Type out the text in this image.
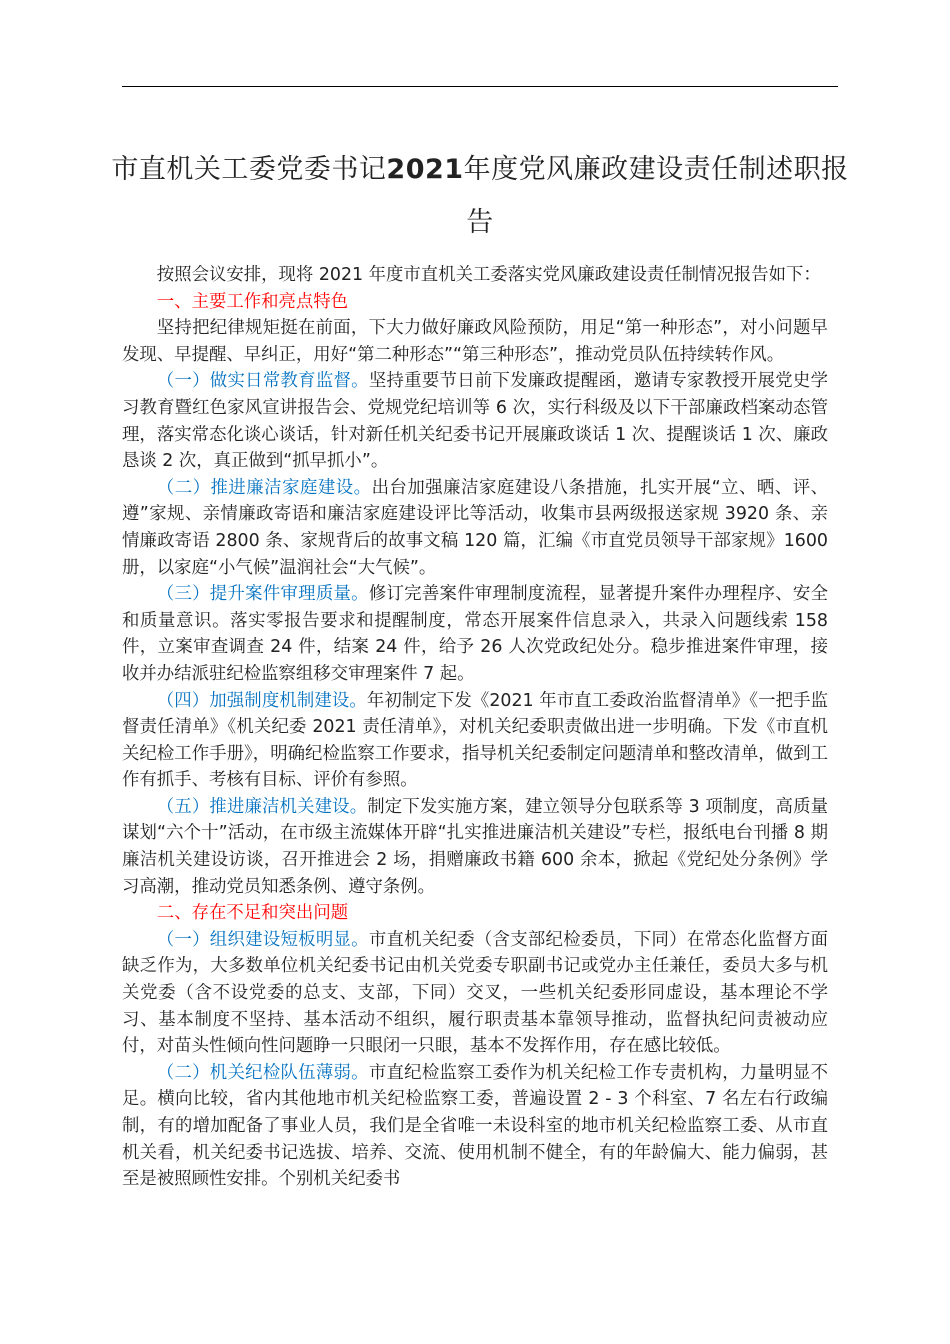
市直机关工委党委书记2021年度党风廉政建设责任制述职报告

按照会议安排，现将 2021 年度市直机关工委落实党风廉政建设责任制情况报告如下：

一、主要工作和亮点特色

坚持把纪律规矩挺在前面，下大力做好廉政风险预防，用足“第一种形态”，对小问题早发现、早提醒、早纠正，用好“第二种形态”“第三种形态”，推动党员队伍持续转作风。

（一）做实日常教育监督。坚持重要节日前下发廉政提醒函，邀请专家教授开展党史学习教育暨红色家风宣讲报告会、党规党纪培训等 6 次，实行科级及以下干部廉政档案动态管理，落实常态化谈心谈话，针对新任机关纪委书记开展廉政谈话 1 次、提醒谈话 1 次、廉政恳谈 2 次，真正做到“抓早抓小”。

（二）推进廉洁家庭建设。出台加强廉洁家庭建设八条措施，扎实开展“立、晒、评、遵”家规、亲情廉政寄语和廉洁家庭建设评比等活动，收集市县两级报送家规 3920 条、亲情廉政寄语 2800 条、家规背后的故事文稿 120 篇，汇编《市直党员领导干部家规》1600 册，以家庭“小气候”温润社会“大气候”。

（三）提升案件审理质量。修订完善案件审理制度流程，显著提升案件办理程序、安全和质量意识。落实零报告要求和提醒制度，常态开展案件信息录入，共录入问题线索 158 件，立案审查调查 24 件，结案 24 件，给予 26 人次党政纪处分。稳步推进案件审理，接收并办结派驻纪检监察组移交审理案件 7 起。

（四）加强制度机制建设。年初制定下发《2021 年市直工委政治监督清单》《一把手监督责任清单》《机关纪委 2021 责任清单》，对机关纪委职责做出进一步明确。下发《市直机关纪检工作手册》，明确纪检监察工作要求，指导机关纪委制定问题清单和整改清单，做到工作有抓手、考核有目标、评价有参照。

（五）推进廉洁机关建设。制定下发实施方案，建立领导分包联系等 3 项制度，高质量谋划“六个十”活动，在市级主流媒体开辟“扎实推进廉洁机关建设”专栏，报纸电台刊播 8 期廉洁机关建设访谈，召开推进会 2 场，捐赠廉政书籍 600 余本，掀起《党纪处分条例》学习高潮，推动党员知悉条例、遵守条例。

二、存在不足和突出问题

（一）组织建设短板明显。市直机关纪委（含支部纪检委员，下同）在常态化监督方面缺乏作为，大多数单位机关纪委书记由机关党委专职副书记或党办主任兼任，委员大多与机关党委（含不设党委的总支、支部，下同）交叉，一些机关纪委形同虚设，基本理论不学习、基本制度不坚持、基本活动不组织，履行职责基本靠领导推动，监督执纪问责被动应付，对苗头性倾向性问题睁一只眼闭一只眼，基本不发挥作用，存在感比较低。

（二）机关纪检队伍薄弱。市直纪检监察工委作为机关纪检工作专责机构，力量明显不足。横向比较，省内其他地市机关纪检监察工委，普遍设置 2 - 3 个科室、7 名左右行政编制，有的增加配备了事业人员，我们是全省唯一未设科室的地市机关纪检监察工委、从市直机关看，机关纪委书记选拔、培养、交流、使用机制不健全，有的年龄偏大、能力偏弱，甚至是被照顾性安排。个别机关纪委书
